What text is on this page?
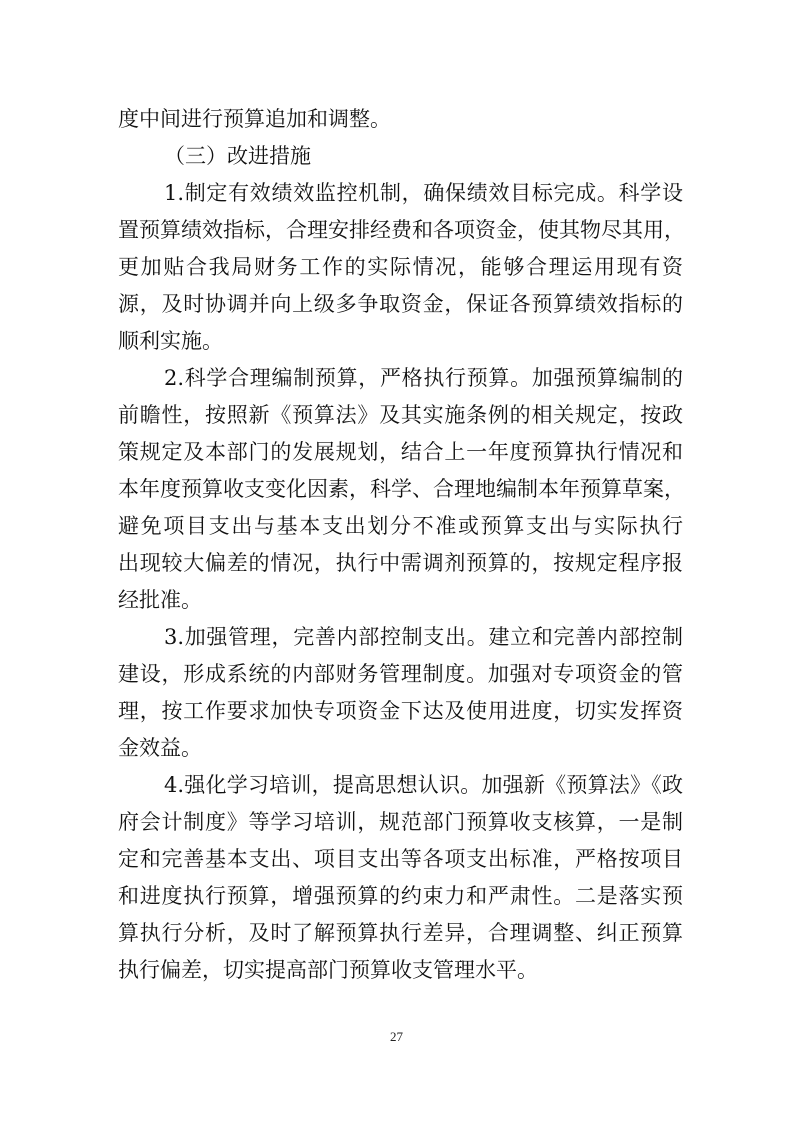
度中间进行预算追加和调整。
（三）改进措施
1.制定有效绩效监控机制，确保绩效目标完成。科学设
置预算绩效指标，合理安排经费和各项资金，使其物尽其用，
更加贴合我局财务工作的实际情况，能够合理运用现有资
源，及时协调并向上级多争取资金，保证各预算绩效指标的
顺利实施。
2.科学合理编制预算，严格执行预算。加强预算编制的
前瞻性，按照新《预算法》及其实施条例的相关规定，按政
策规定及本部门的发展规划，结合上一年度预算执行情况和
本年度预算收支变化因素，科学、合理地编制本年预算草案，
避免项目支出与基本支出划分不准或预算支出与实际执行
出现较大偏差的情况，执行中需调剂预算的，按规定程序报
经批准。
3.加强管理，完善内部控制支出。建立和完善内部控制
建设，形成系统的内部财务管理制度。加强对专项资金的管
理，按工作要求加快专项资金下达及使用进度，切实发挥资
金效益。
4.强化学习培训，提高思想认识。加强新《预算法》《政
府会计制度》等学习培训，规范部门预算收支核算，一是制
定和完善基本支出、项目支出等各项支出标准，严格按项目
和进度执行预算，增强预算的约束力和严肃性。二是落实预
算执行分析，及时了解预算执行差异，合理调整、纠正预算
执行偏差，切实提高部门预算收支管理水平。
27
